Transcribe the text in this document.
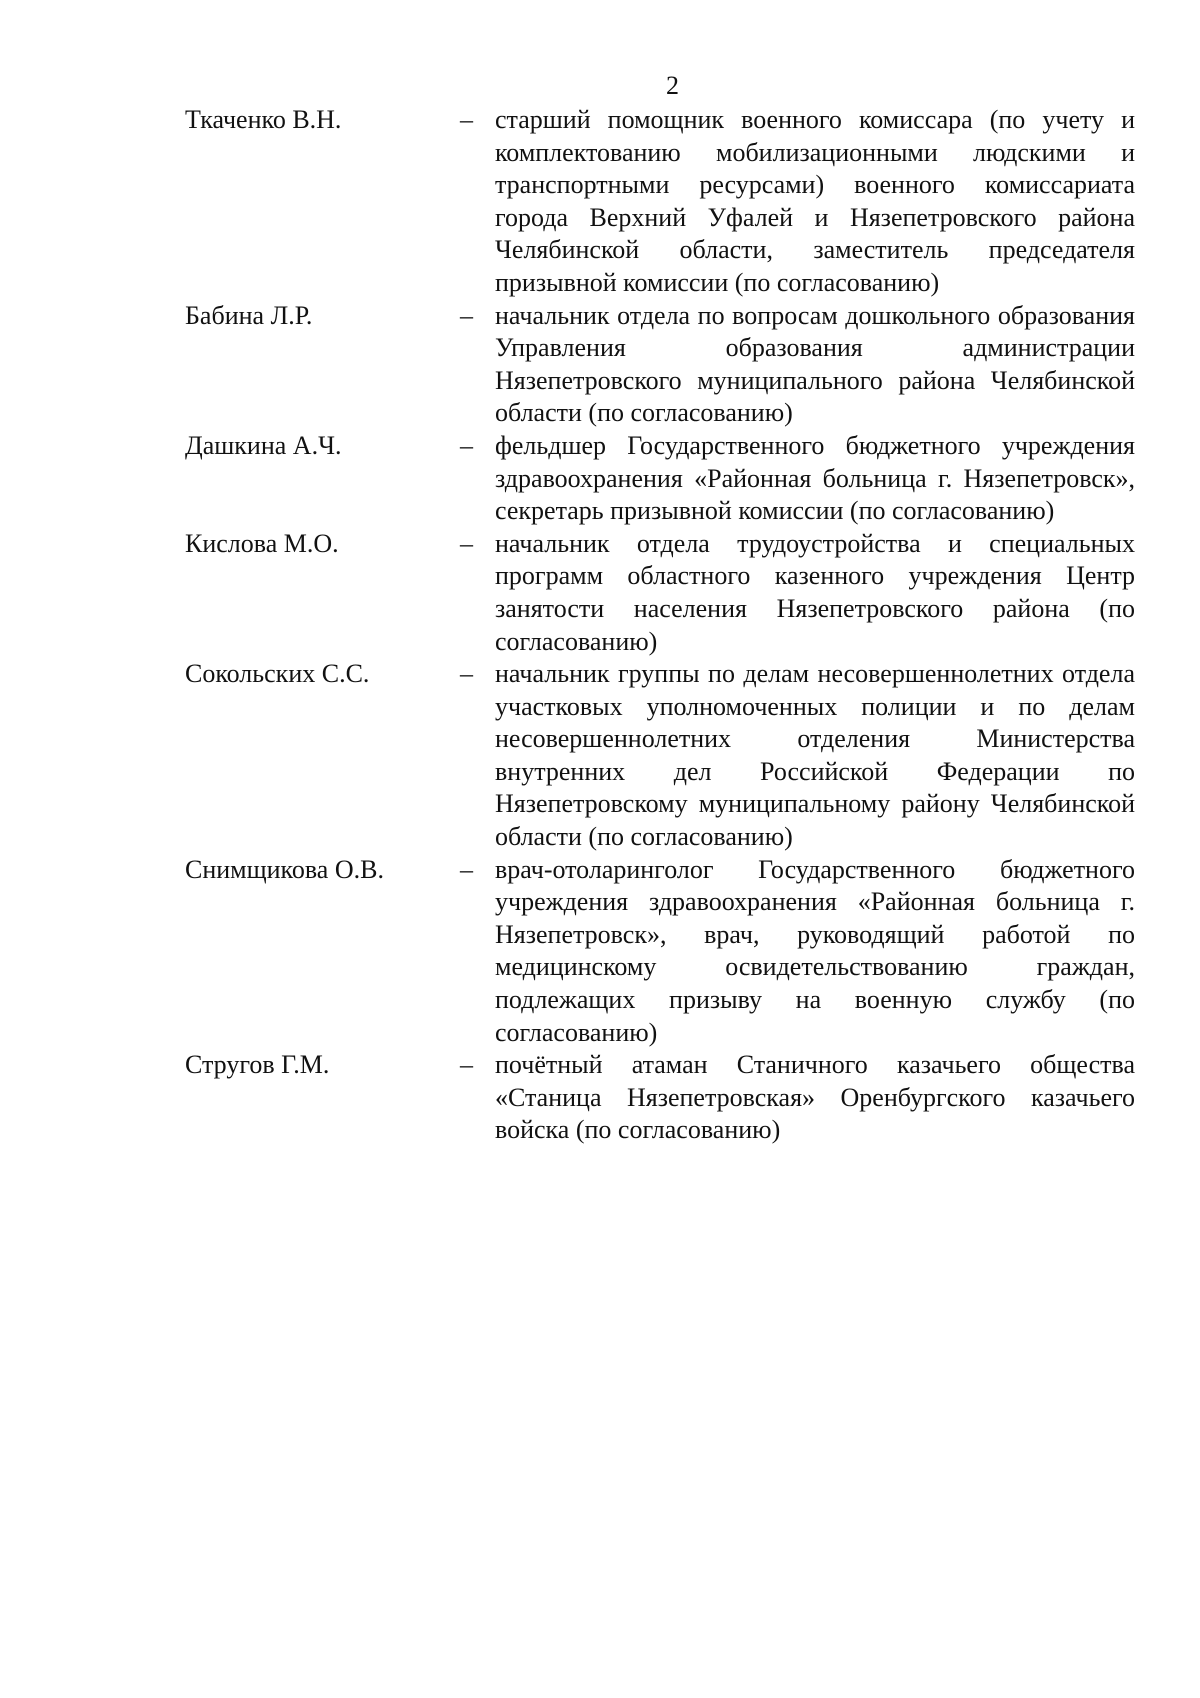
2
Ткаченко В.Н.	– старший помощник военного комиссара (по учету и комплектованию мобилизационными людскими и транспортными ресурсами) военного комиссариата города Верхний Уфалей и Нязепетровского района Челябинской области, заместитель председателя призывной комиссии (по согласованию)
Бабина Л.Р.	– начальник отдела по вопросам дошкольного образования Управления образования администрации Нязепетровского муниципального района Челябинской области (по согласованию)
Дашкина А.Ч.	– фельдшер Государственного бюджетного учреждения здравоохранения «Районная больница г. Нязепетровск», секретарь призывной комиссии (по согласованию)
Кислова М.О.	– начальник отдела трудоустройства и специальных программ областного казенного учреждения Центр занятости населения Нязепетровского района (по согласованию)
Сокольских С.С.	– начальник группы по делам несовершеннолетних отдела участковых уполномоченных полиции и по делам несовершеннолетних отделения Министерства внутренних дел Российской Федерации по Нязепетровскому муниципальному району Челябинской области (по согласованию)
Снимщикова О.В.	– врач-отоларинголог Государственного бюджетного учреждения здравоохранения «Районная больница г. Нязепетровск», врач, руководящий работой по медицинскому освидетельствованию граждан, подлежащих призыву на военную службу (по согласованию)
Стругов Г.М.	– почётный атаман Станичного казачьего общества «Станица Нязепетровская» Оренбургского казачьего войска (по согласованию)
